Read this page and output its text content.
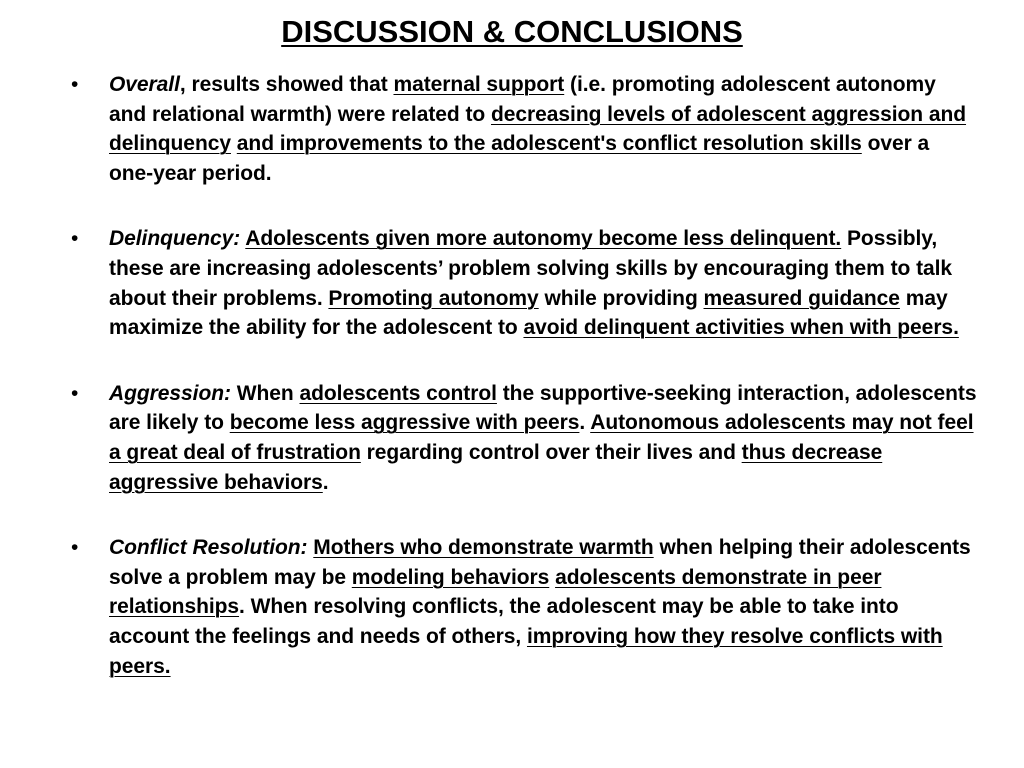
DISCUSSION & CONCLUSIONS
• Overall, results showed that maternal support (i.e. promoting adolescent autonomy and relational warmth) were related to decreasing levels of adolescent aggression and delinquency and improvements to the adolescent's conflict resolution skills over a one-year period.
• Delinquency: Adolescents given more autonomy become less delinquent. Possibly, these are increasing adolescents’ problem solving skills by encouraging them to talk about their problems. Promoting autonomy while providing measured guidance may maximize the ability for the adolescent to avoid delinquent activities when with peers.
• Aggression: When adolescents control the supportive-seeking interaction, adolescents are likely to become less aggressive with peers. Autonomous adolescents may not feel a great deal of frustration regarding control over their lives and thus decrease aggressive behaviors.
• Conflict Resolution: Mothers who demonstrate warmth when helping their adolescents solve a problem may be modeling behaviors adolescents demonstrate in peer relationships. When resolving conflicts, the adolescent may be able to take into account the feelings and needs of others, improving how they resolve conflicts with peers.
